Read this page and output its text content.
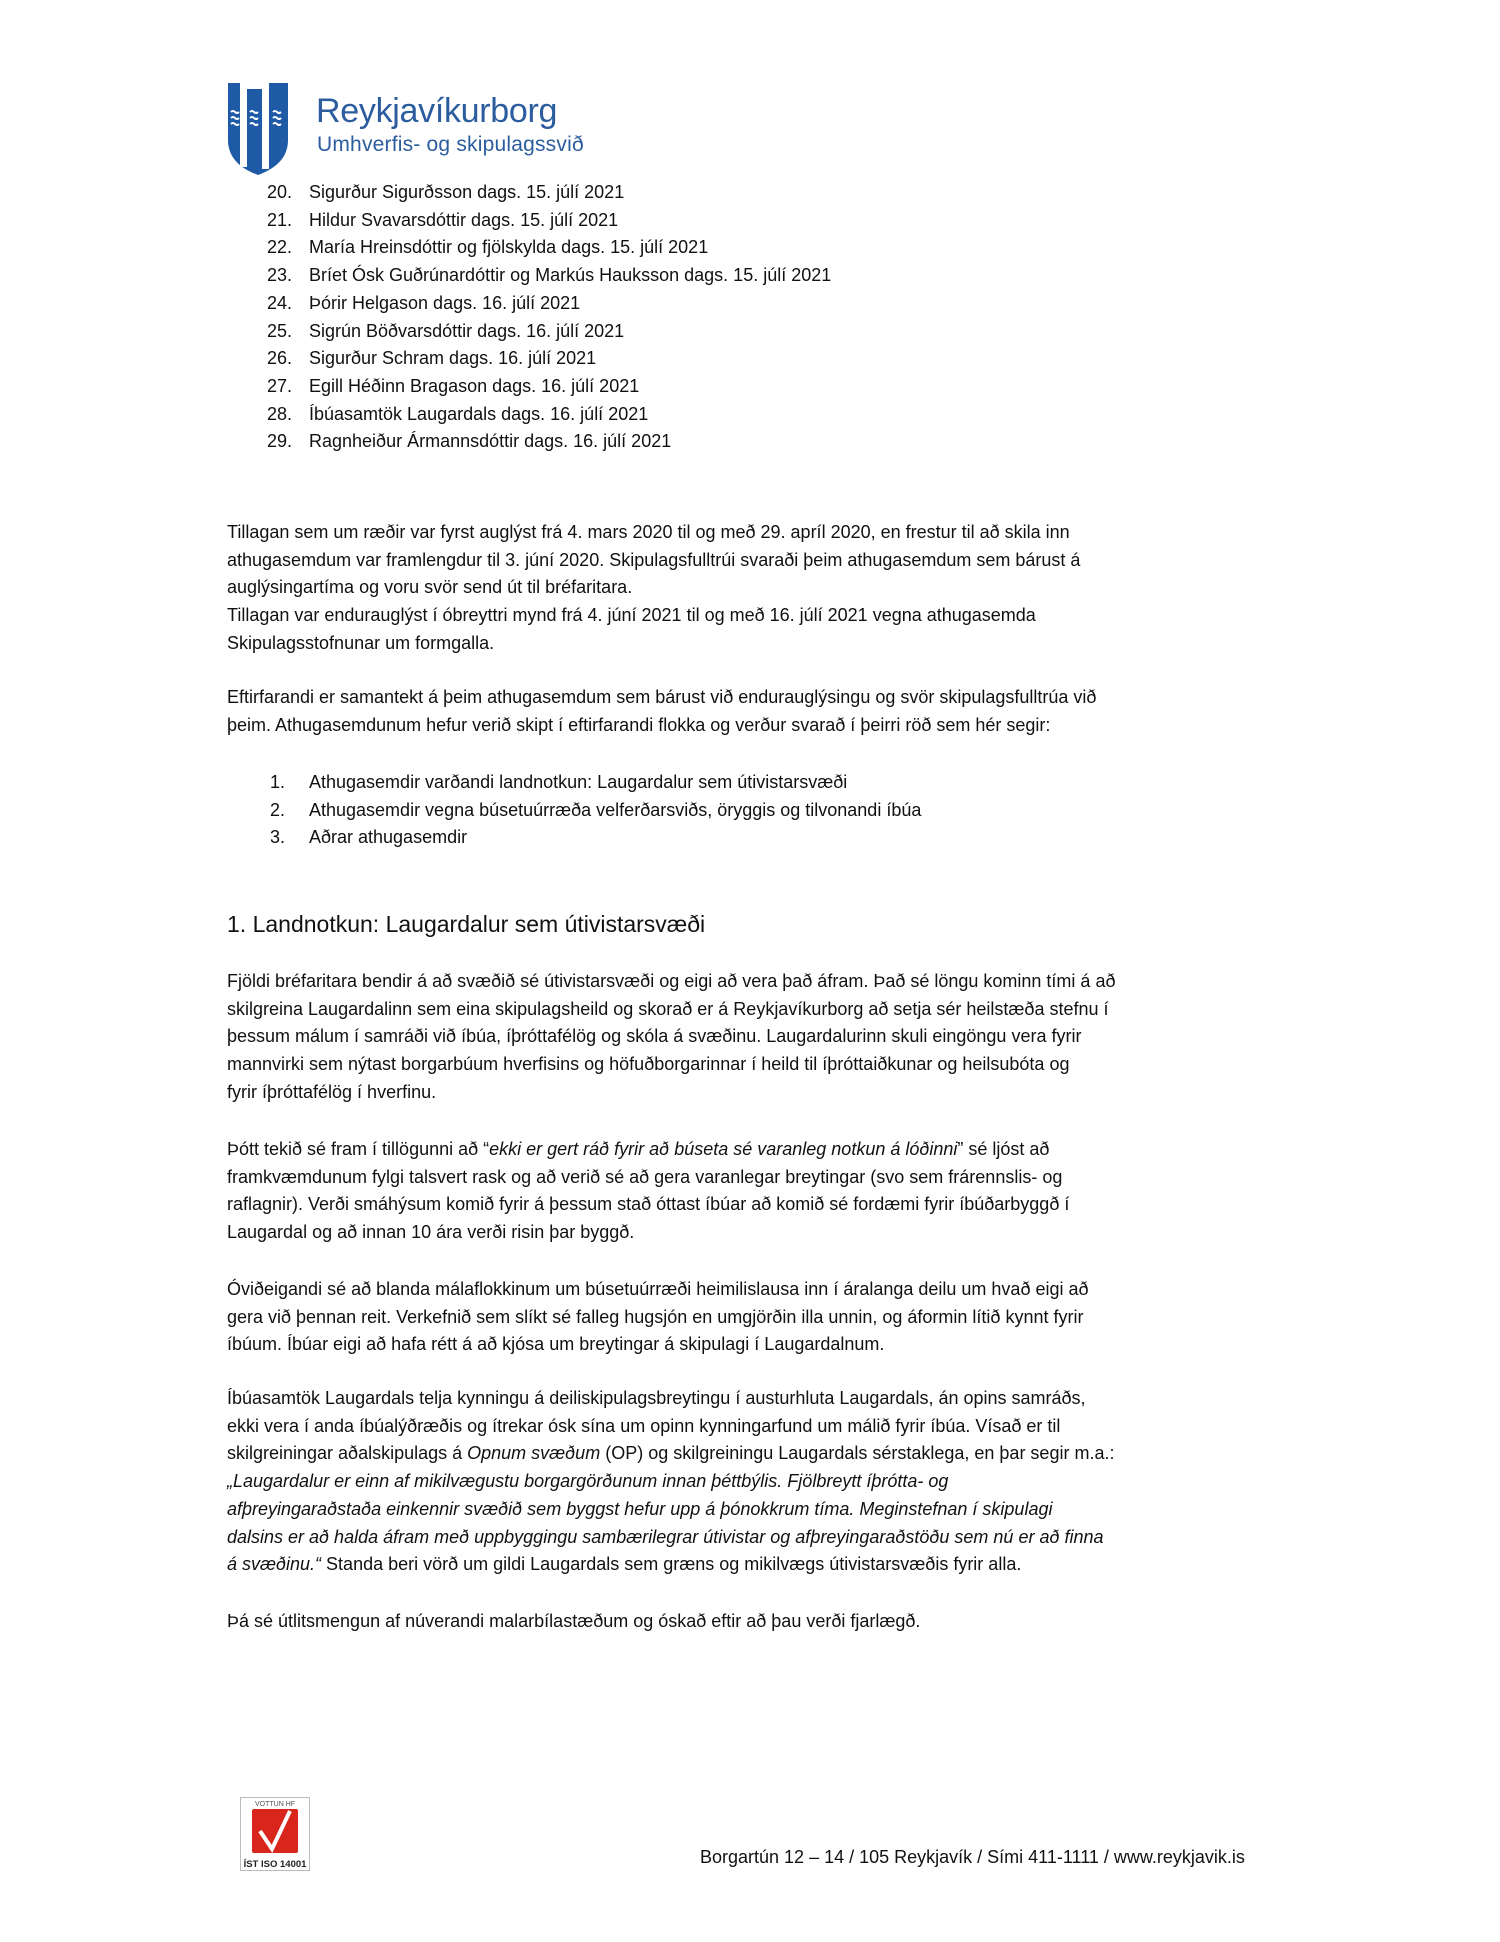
Reykjavíkurborg
Umhverfis- og skipulagssvið
1. Landnotkun: Laugardalur sem útivistarsvæði
VOTTUN HF
ÍST ISO 14001	Borgartún 12 – 14 / 105 Reykjavík / Sími 411-1111 / www.reykjavik.is
20. Sigurður Sigurðsson dags. 15. júlí 2021
21. Hildur Svavarsdóttir dags. 15. júlí 2021
22. María Hreinsdóttir og fjölskylda dags. 15. júlí 2021
23. Bríet Ósk Guðrúnardóttir og Markús Hauksson dags. 15. júlí 2021
24. Þórir Helgason dags. 16. júlí 2021
25. Sigrún Böðvarsdóttir dags. 16. júlí 2021
26. Sigurður Schram dags. 16. júlí 2021
27. Egill Héðinn Bragason dags. 16. júlí 2021
28. Íbúasamtök Laugardals dags. 16. júlí 2021
29. Ragnheiður Ármannsdóttir dags. 16. júlí 2021
Tillagan sem um ræðir var fyrst auglýst frá 4. mars 2020 til og með 29. apríl 2020, en frestur til að skila inn
athugasemdum var framlengdur til 3. júní 2020. Skipulagsfulltrúi svaraði þeim athugasemdum sem bárust á
auglýsingartíma og voru svör send út til bréfaritara.
Tillagan var endurauglýst í óbreyttri mynd frá 4. júní 2021 til og með 16. júlí 2021 vegna athugasemda
Skipulagsstofnunar um formgalla.
Eftirfarandi er samantekt á þeim athugasemdum sem bárust við endurauglýsingu og svör skipulagsfulltrúa við
þeim. Athugasemdunum hefur verið skipt í eftirfarandi flokka og verður svarað í þeirri röð sem hér segir:
1. Athugasemdir varðandi landnotkun: Laugardalur sem útivistarsvæði
2. Athugasemdir vegna búsetuúrræða velferðarsviðs, öryggis og tilvonandi íbúa
3. Aðrar athugasemdir
Fjöldi bréfaritara bendir á að svæðið sé útivistarsvæði og eigi að vera það áfram. Það sé löngu kominn tími á að
skilgreina Laugardalinn sem eina skipulagsheild og skorað er á Reykjavíkurborg að setja sér heilstæða stefnu í
þessum málum í samráði við íbúa, íþróttafélög og skóla á svæðinu. Laugardalurinn skuli eingöngu vera fyrir
mannvirki sem nýtast borgarbúum hverfisins og höfuðborgarinnar í heild til íþróttaiðkunar og heilsubóta og
fyrir íþróttafélög í hverfinu.
Þótt tekið sé fram í tillögunni að “ekki er gert ráð fyrir að búseta sé varanleg notkun á lóðinni” sé ljóst að
framkvæmdunum fylgi talsvert rask og að verið sé að gera varanlegar breytingar (svo sem frárennslis- og
raflagnir). Verði smáhýsum komið fyrir á þessum stað óttast íbúar að komið sé fordæmi fyrir íbúðarbyggð í
Laugardal og að innan 10 ára verði risin þar byggð.
Óviðeigandi sé að blanda málaflokkinum um búsetuúrræði heimilislausa inn í áralanga deilu um hvað eigi að
gera við þennan reit. Verkefnið sem slíkt sé falleg hugsjón en umgjörðin illa unnin, og áformin lítið kynnt fyrir
íbúum. Íbúar eigi að hafa rétt á að kjósa um breytingar á skipulagi í Laugardalnum.
Íbúasamtök Laugardals telja kynningu á deiliskipulagsbreytingu í austurhluta Laugardals, án opins samráðs,
ekki vera í anda íbúalýðræðis og ítrekar ósk sína um opinn kynningarfund um málið fyrir íbúa. Vísað er til
skilgreiningar aðalskipulags á Opnum svæðum (OP) og skilgreiningu Laugardals sérstaklega, en þar segir m.a.:
„Laugardalur er einn af mikilvægustu borgargörðunum innan þéttbýlis. Fjölbreytt íþrótta- og
afþreyingaraðstaða einkennir svæðið sem byggst hefur upp á þónokkrum tíma. Meginstefnan í skipulagi
dalsins er að halda áfram með uppbyggingu sambærilegrar útivistar og afþreyingaraðstöðu sem nú er að finna
á svæðinu.“ Standa beri vörð um gildi Laugardals sem græns og mikilvægs útivistarsvæðis fyrir alla.
Þá sé útlitsmengun af núverandi malarbílastæðum og óskað eftir að þau verði fjarlægð.
